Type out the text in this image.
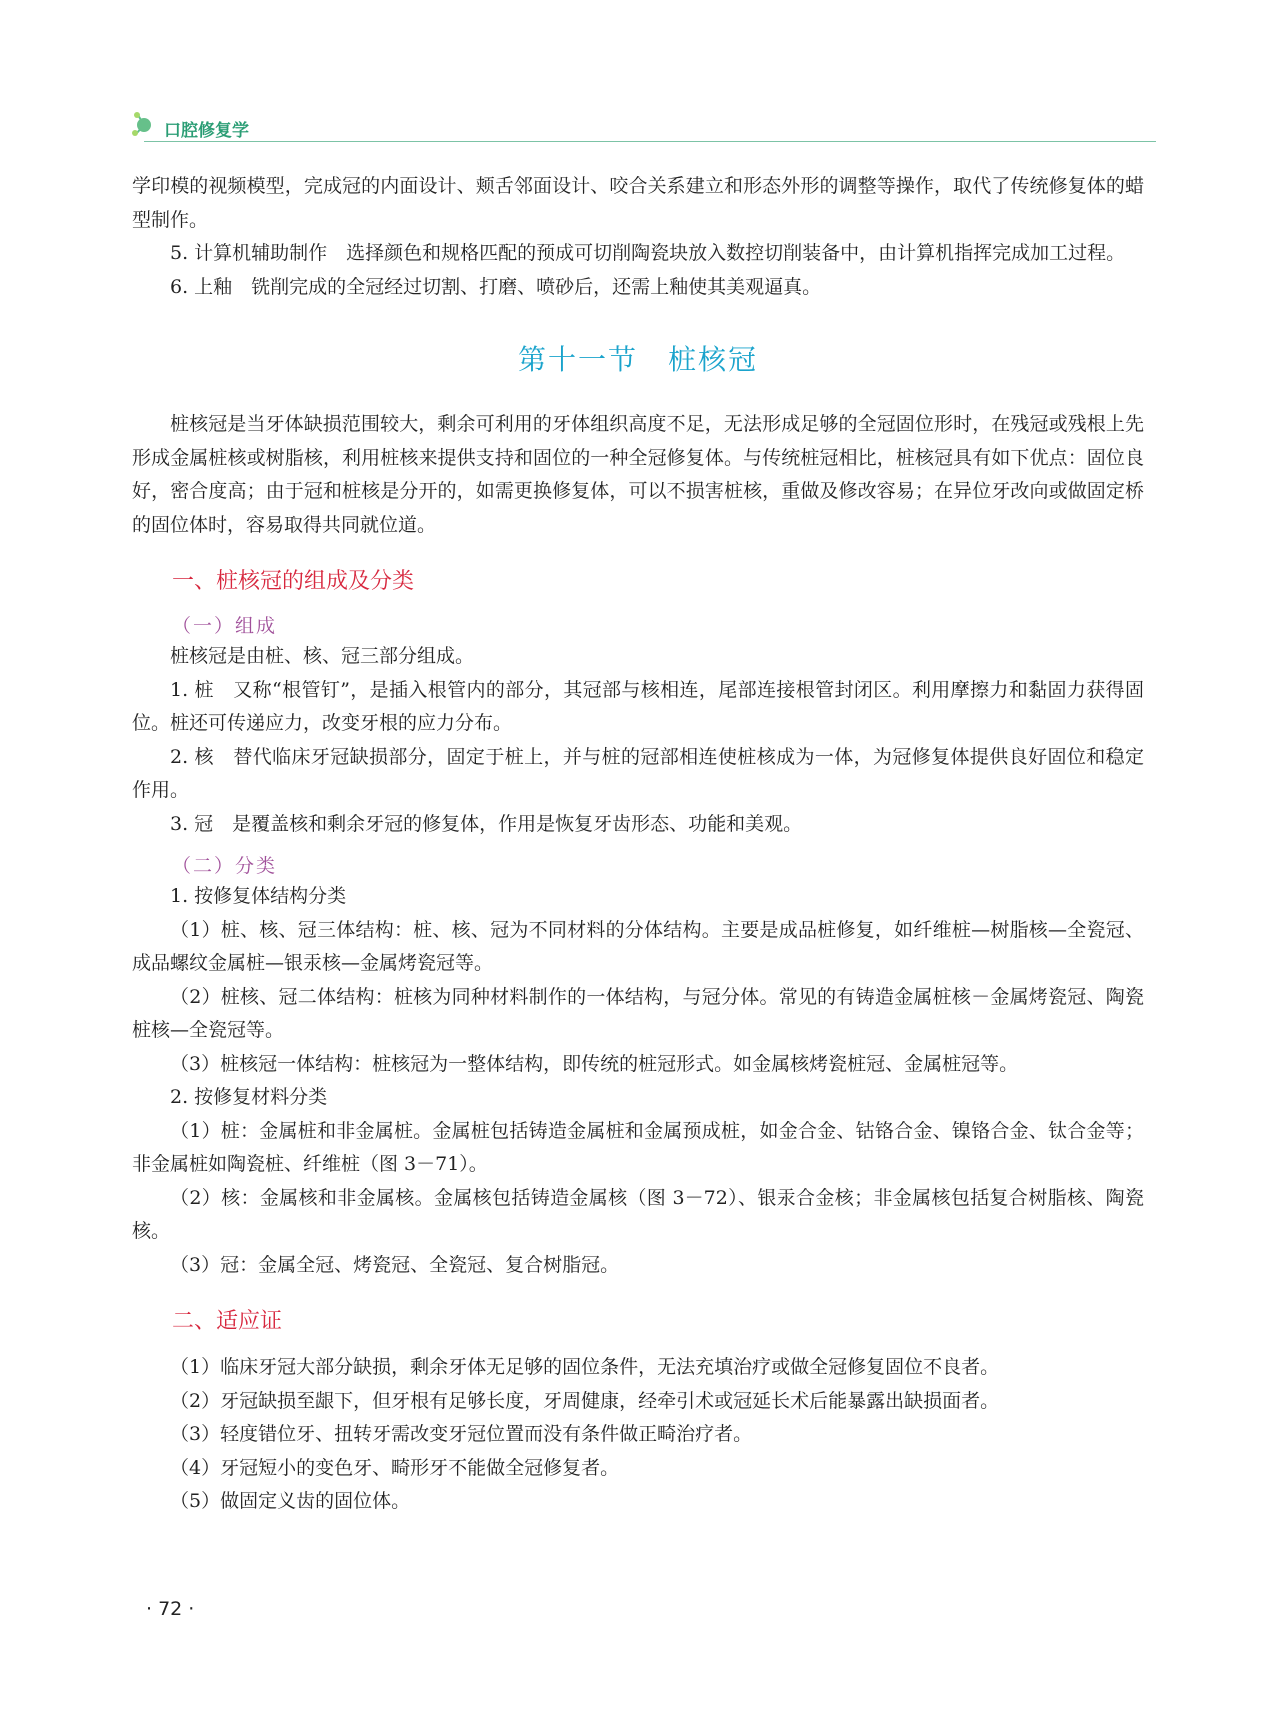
口腔修复学

学印模的视频模型，完成冠的内面设计、颊舌邻面设计、咬合关系建立和形态外形的调整等操作，取代了传统修复体的蜡型制作。

5. 计算机辅助制作　选择颜色和规格匹配的预成可切削陶瓷块放入数控切削装备中，由计算机指挥完成加工过程。

6. 上釉　铣削完成的全冠经过切割、打磨、喷砂后，还需上釉使其美观逼真。

第十一节　桩核冠

桩核冠是当牙体缺损范围较大，剩余可利用的牙体组织高度不足，无法形成足够的全冠固位形时，在残冠或残根上先形成金属桩核或树脂核，利用桩核来提供支持和固位的一种全冠修复体。与传统桩冠相比，桩核冠具有如下优点：固位良好，密合度高；由于冠和桩核是分开的，如需更换修复体，可以不损害桩核，重做及修改容易；在异位牙改向或做固定桥的固位体时，容易取得共同就位道。

一、桩核冠的组成及分类
（一）组成

桩核冠是由桩、核、冠三部分组成。

1. 桩　又称“根管钉”，是插入根管内的部分，其冠部与核相连，尾部连接根管封闭区。利用摩擦力和黏固力获得固位。桩还可传递应力，改变牙根的应力分布。

2. 核　替代临床牙冠缺损部分，固定于桩上，并与桩的冠部相连使桩核成为一体，为冠修复体提供良好固位和稳定作用。

3. 冠　是覆盖核和剩余牙冠的修复体，作用是恢复牙齿形态、功能和美观。

（二）分类

1. 按修复体结构分类

（1）桩、核、冠三体结构：桩、核、冠为不同材料的分体结构。主要是成品桩修复，如纤维桩—树脂核—全瓷冠、成品螺纹金属桩—银汞核—金属烤瓷冠等。

（2）桩核、冠二体结构：桩核为同种材料制作的一体结构，与冠分体。常见的有铸造金属桩核－金属烤瓷冠、陶瓷桩核—全瓷冠等。

（3）桩核冠一体结构：桩核冠为一整体结构，即传统的桩冠形式。如金属核烤瓷桩冠、金属桩冠等。

2. 按修复材料分类

（1）桩：金属桩和非金属桩。金属桩包括铸造金属桩和金属预成桩，如金合金、钴铬合金、镍铬合金、钛合金等；非金属桩如陶瓷桩、纤维桩（图 3－71）。

（2）核：金属核和非金属核。金属核包括铸造金属核（图 3－72）、银汞合金核；非金属核包括复合树脂核、陶瓷核。

（3）冠：金属全冠、烤瓷冠、全瓷冠、复合树脂冠。

二、适应证

（1）临床牙冠大部分缺损，剩余牙体无足够的固位条件，无法充填治疗或做全冠修复固位不良者。

（2）牙冠缺损至龈下，但牙根有足够长度，牙周健康，经牵引术或冠延长术后能暴露出缺损面者。

（3）轻度错位牙、扭转牙需改变牙冠位置而没有条件做正畸治疗者。

（4）牙冠短小的变色牙、畸形牙不能做全冠修复者。

（5）做固定义齿的固位体。

· 72 ·
